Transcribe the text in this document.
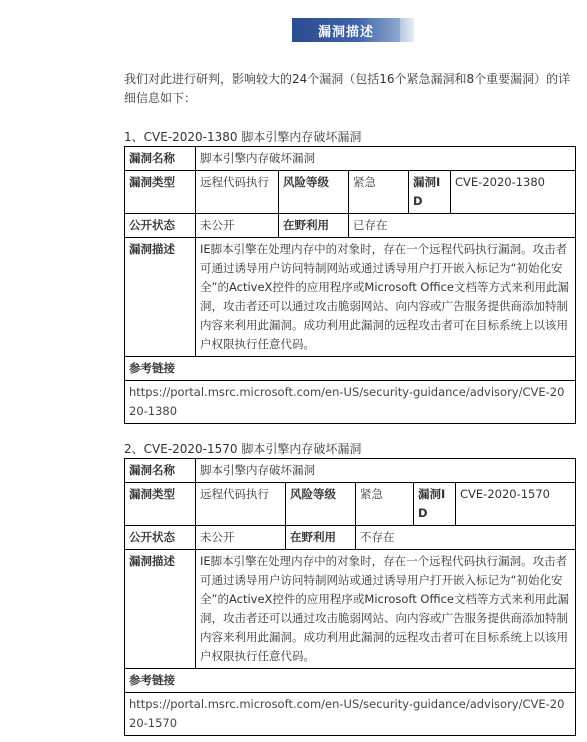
漏洞描述
我们对此进行研判，影响较大的24个漏洞（包括16个紧急漏洞和8个重要漏洞）的详细信息如下：
1、CVE-2020-1380 脚本引擎内存破坏漏洞
漏洞名称	脚本引擎内存破坏漏洞				
漏洞类型	远程代码执行	风险等级	紧急	漏洞ID	CVE-2020-1380
公开状态	未公开	在野利用	已存在		
漏洞描述	IE脚本引擎在处理内存中的对象时，存在一个远程代码执行漏洞。攻击者可通过诱导用户访问特制网站或通过诱导用户打开嵌入标记为“初始化安全”的ActiveX控件的应用程序或Microsoft Office文档等方式来利用此漏洞，攻击者还可以通过攻击脆弱网站、向内容或广告服务提供商添加特制内容来利用此漏洞。成功利用此漏洞的远程攻击者可在目标系统上以该用户权限执行任意代码。				
参考链接					
https://portal.msrc.microsoft.com/en-US/security-guidance/advisory/CVE-2020-1380					
2、CVE-2020-1570 脚本引擎内存破坏漏洞
漏洞名称	脚本引擎内存破坏漏洞				
漏洞类型	远程代码执行	风险等级	紧急	漏洞ID	CVE-2020-1570
公开状态	未公开	在野利用	不存在		
漏洞描述	IE脚本引擎在处理内存中的对象时，存在一个远程代码执行漏洞。攻击者可通过诱导用户访问特制网站或通过诱导用户打开嵌入标记为“初始化安全”的ActiveX控件的应用程序或Microsoft Office文档等方式来利用此漏洞，攻击者还可以通过攻击脆弱网站、向内容或广告服务提供商添加特制内容来利用此漏洞。成功利用此漏洞的远程攻击者可在目标系统上以该用户权限执行任意代码。				
参考链接					
https://portal.msrc.microsoft.com/en-US/security-guidance/advisory/CVE-2020-1570					
